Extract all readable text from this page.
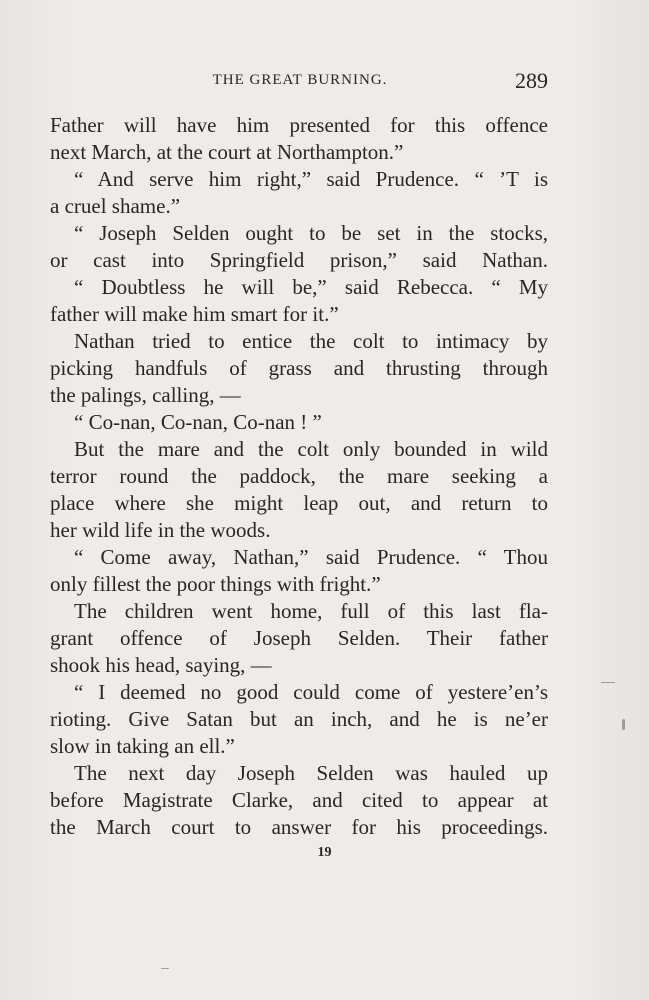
THE GREAT BURNING.	289
Father will have him presented for this offence
next March, at the court at Northampton.”
“ And serve him right,” said Prudence. “ ’T is
a cruel shame.”
“ Joseph Selden ought to be set in the stocks,
or cast into Springfield prison,” said Nathan.
“ Doubtless he will be,” said Rebecca. “ My
father will make him smart for it.”
Nathan tried to entice the colt to intimacy by
picking handfuls of grass and thrusting through
the palings, calling, —
“ Co-nan, Co-nan, Co-nan ! ”
But the mare and the colt only bounded in wild
terror round the paddock, the mare seeking a
place where she might leap out, and return to
her wild life in the woods.
“ Come away, Nathan,” said Prudence. “ Thou
only fillest the poor things with fright.”
The children went home, full of this last fla-
grant offence of Joseph Selden. Their father
shook his head, saying, —
“ I deemed no good could come of yestere’en’s
rioting. Give Satan but an inch, and he is ne’er
slow in taking an ell.”
The next day Joseph Selden was hauled up
before Magistrate Clarke, and cited to appear at
the March court to answer for his proceedings.
19
